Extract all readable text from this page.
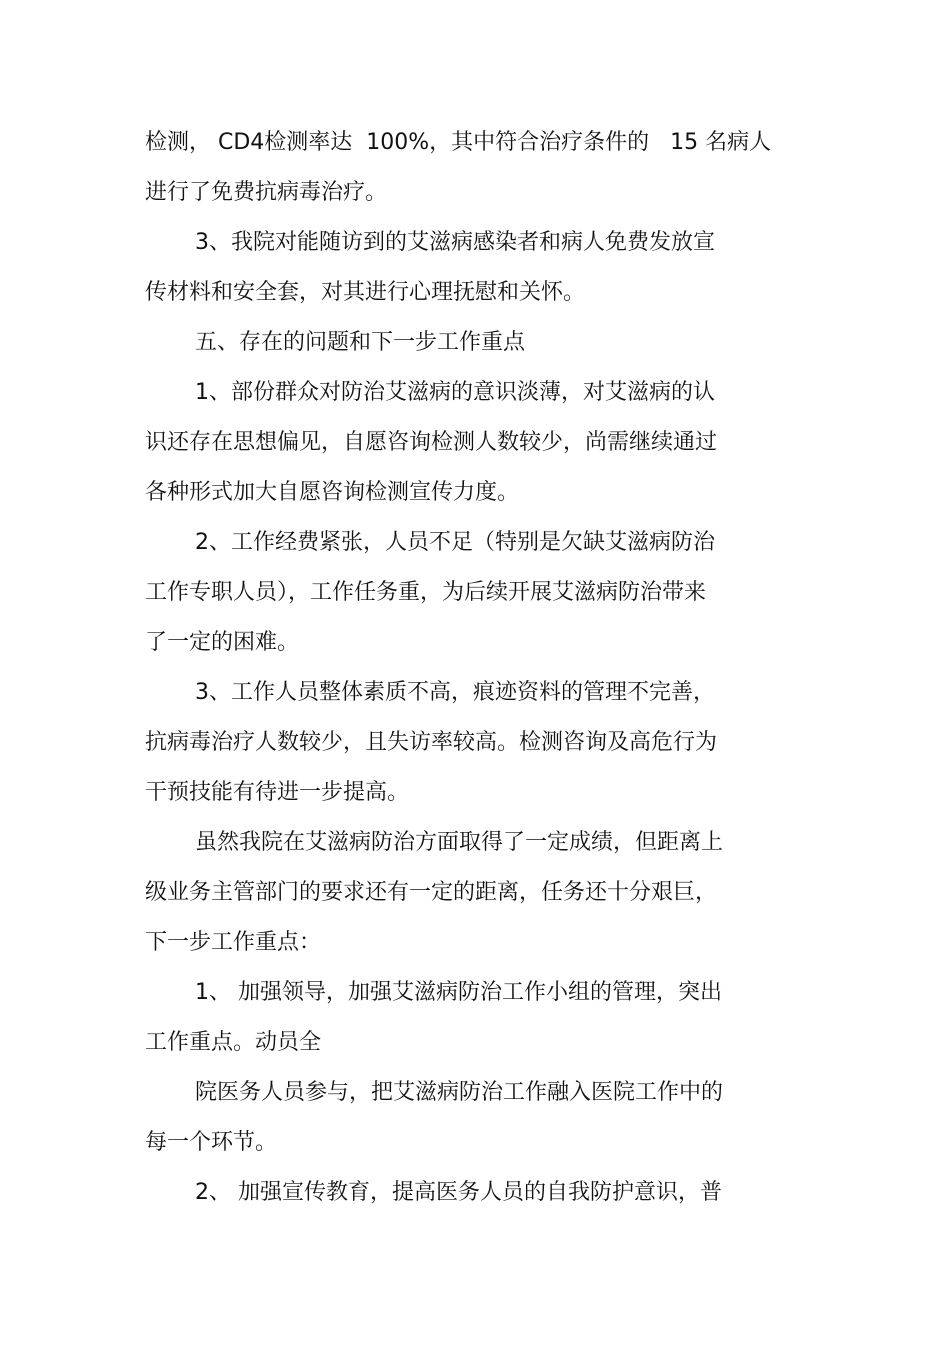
检测， CD4检测率达  100%，其中符合治疗条件的   15 名病人
进行了免费抗病毒治疗。
3、我院对能随访到的艾滋病感染者和病人免费发放宣
传材料和安全套，对其进行心理抚慰和关怀。
五、存在的问题和下一步工作重点
1、部份群众对防治艾滋病的意识淡薄，对艾滋病的认
识还存在思想偏见，自愿咨询检测人数较少，尚需继续通过
各种形式加大自愿咨询检测宣传力度。
2、工作经费紧张，人员不足（特别是欠缺艾滋病防治
工作专职人员），工作任务重，为后续开展艾滋病防治带来
了一定的困难。
3、工作人员整体素质不高，痕迹资料的管理不完善，
抗病毒治疗人数较少，且失访率较高。检测咨询及高危行为
干预技能有待进一步提高。
虽然我院在艾滋病防治方面取得了一定成绩，但距离上
级业务主管部门的要求还有一定的距离，任务还十分艰巨，
下一步工作重点：
1、 加强领导，加强艾滋病防治工作小组的管理，突出
工作重点。动员全
院医务人员参与，把艾滋病防治工作融入医院工作中的
每一个环节。
2、 加强宣传教育，提高医务人员的自我防护意识，普
